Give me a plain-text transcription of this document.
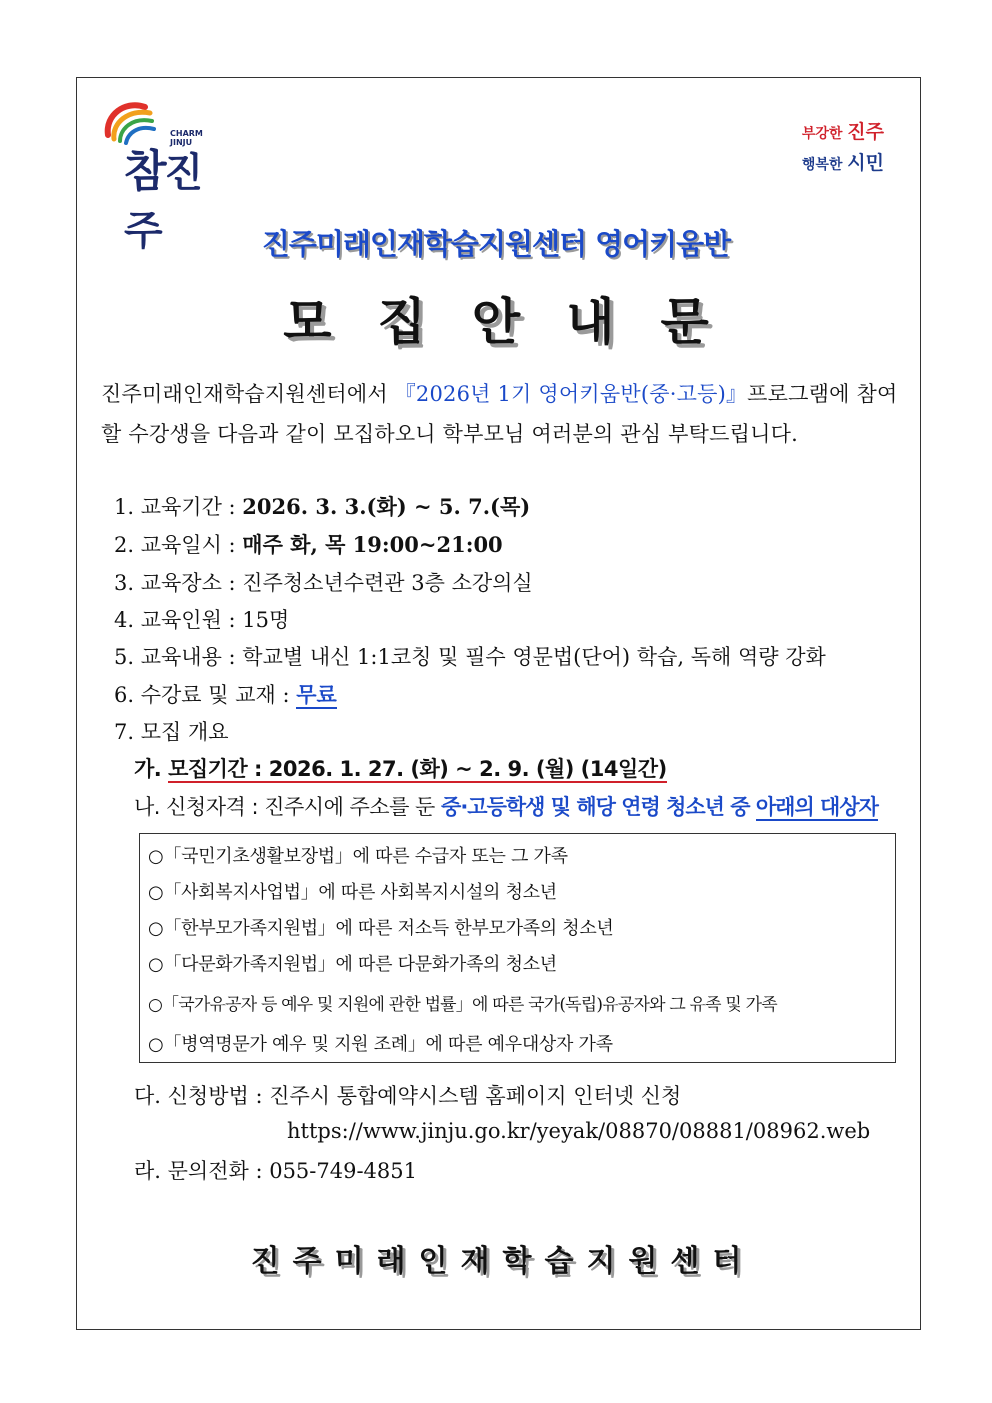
CHARM
JINJU
참진주
부강한 진주
행복한 시민
진주미래인재학습지원센터 영어키움반
모집안내문
진주미래인재학습지원센터에서 『2026년 1기 영어키움반(중·고등)』프로그램에 참여할 수강생을 다음과 같이 모집하오니 학부모님 여러분의 관심 부탁드립니다.
1. 교육기간 : 2026. 3. 3.(화) ~ 5. 7.(목)
2. 교육일시 : 매주 화, 목 19:00~21:00
3. 교육장소 : 진주청소년수련관 3층 소강의실
4. 교육인원 : 15명
5. 교육내용 : 학교별 내신 1:1코칭 및 필수 영문법(단어) 학습, 독해 역량 강화
6. 수강료 및 교재 : 무료
7. 모집 개요
가. 모집기간 : 2026. 1. 27. (화) ~ 2. 9. (월) (14일간)
나. 신청자격 : 진주시에 주소를 둔 중·고등학생 및 해당 연령 청소년 중 아래의 대상자
○「국민기초생활보장법」에 따른 수급자 또는 그 가족
○「사회복지사업법」에 따른 사회복지시설의 청소년
○「한부모가족지원법」에 따른 저소득 한부모가족의 청소년
○「다문화가족지원법」에 따른 다문화가족의 청소년
○「국가유공자 등 예우 및 지원에 관한 법률」에 따른 국가(독립)유공자와 그 유족 및 가족
○「병역명문가 예우 및 지원 조례」에 따른 예우대상자 가족
다. 신청방법 : 진주시 통합예약시스템 홈페이지 인터넷 신청
https://www.jinju.go.kr/yeyak/08870/08881/08962.web
라. 문의전화 : 055-749-4851
진주미래인재학습지원센터
